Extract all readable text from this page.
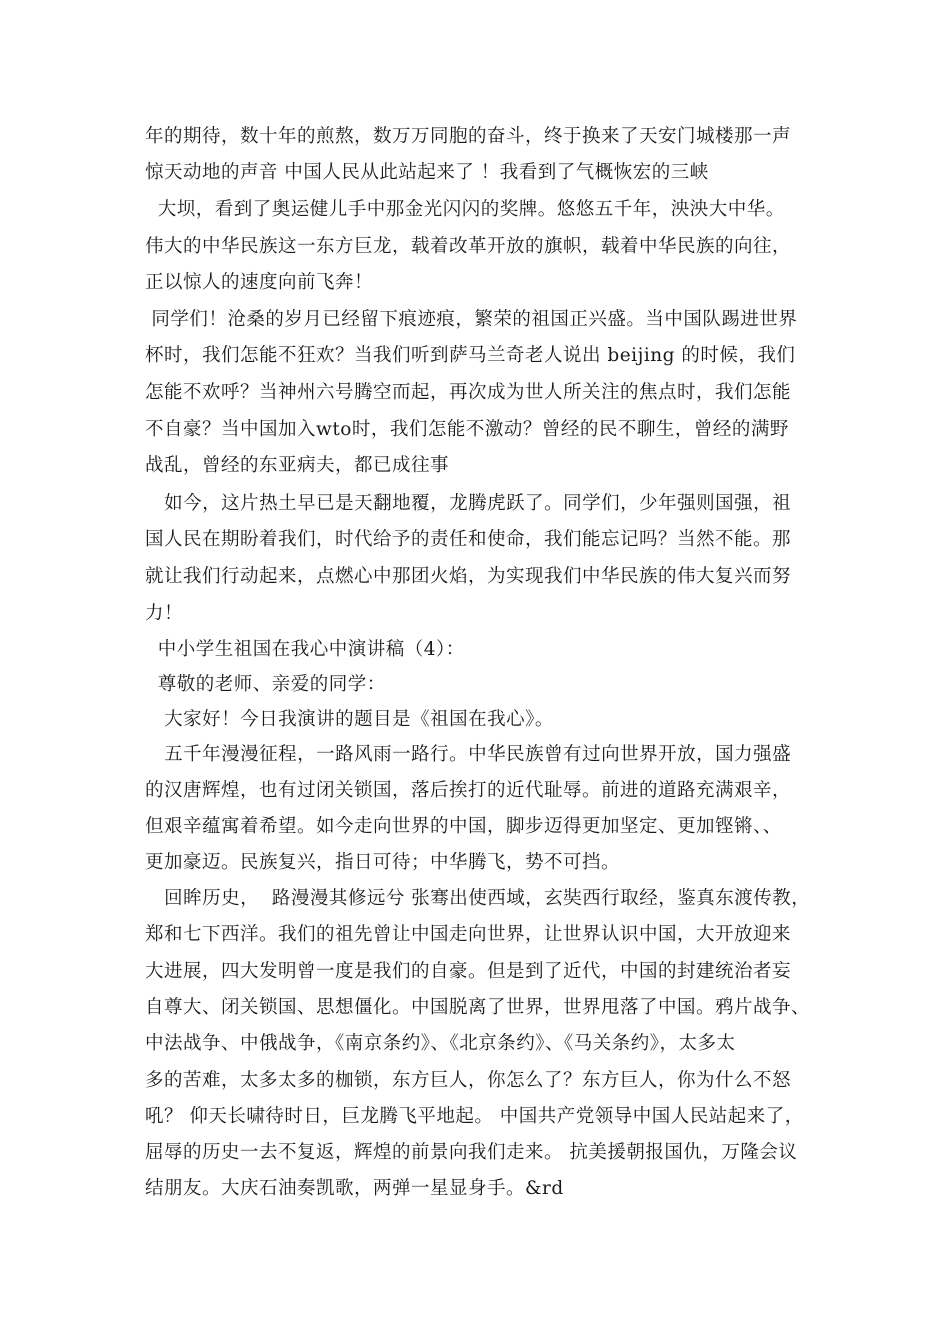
年的期待，数十年的煎熬，数万万同胞的奋斗，终于换来了天安门城楼那一声
惊天动地的声音 中国人民从此站起来了 ！我看到了气概恢宏的三峡
大坝，看到了奥运健儿手中那金光闪闪的奖牌。悠悠五千年，泱泱大中华。
伟大的中华民族这一东方巨龙，载着改革开放的旗帜，载着中华民族的向往，
正以惊人的速度向前飞奔！
同学们！沧桑的岁月已经留下痕迹痕，繁荣的祖国正兴盛。当中国队踢进世界
杯时，我们怎能不狂欢？当我们听到萨马兰奇老人说出 beijing 的时候，我们
怎能不欢呼？当神州六号腾空而起，再次成为世人所关注的焦点时，我们怎能
不自豪？当中国加入wto时，我们怎能不激动？曾经的民不聊生，曾经的满野
战乱，曾经的东亚病夫，都已成往事
如今，这片热土早已是天翻地覆，龙腾虎跃了。同学们，少年强则国强，祖
国人民在期盼着我们，时代给予的责任和使命，我们能忘记吗？当然不能。那
就让我们行动起来，点燃心中那团火焰，为实现我们中华民族的伟大复兴而努
力！
中小学生祖国在我心中演讲稿（4）：
尊敬的老师、亲爱的同学：
大家好！今日我演讲的题目是《祖国在我心》。
五千年漫漫征程，一路风雨一路行。中华民族曾有过向世界开放，国力强盛
的汉唐辉煌，也有过闭关锁国，落后挨打的近代耻辱。前进的道路充满艰辛，
但艰辛蕴寓着希望。如今走向世界的中国，脚步迈得更加坚定、更加铿锵、、
更加豪迈。民族复兴，指日可待；中华腾飞，势不可挡。
回眸历史，  路漫漫其修远兮 张骞出使西域，玄奘西行取经，鉴真东渡传教，
郑和七下西洋。我们的祖先曾让中国走向世界，让世界认识中国，大开放迎来
大进展，四大发明曾一度是我们的自豪。但是到了近代，中国的封建统治者妄
自尊大、闭关锁国、思想僵化。中国脱离了世界，世界甩落了中国。鸦片战争、
中法战争、中俄战争，《南京条约》、《北京条约》、《马关条约》，太多太
多的苦难，太多太多的枷锁，东方巨人，你怎么了？东方巨人，你为什么不怒
吼？ 仰天长啸待时日，巨龙腾飞平地起。 中国共产党领导中国人民站起来了，
屈辱的历史一去不复返，辉煌的前景向我们走来。 抗美援朝报国仇，万隆会议
结朋友。大庆石油奏凯歌，两弹一星显身手。&rd
